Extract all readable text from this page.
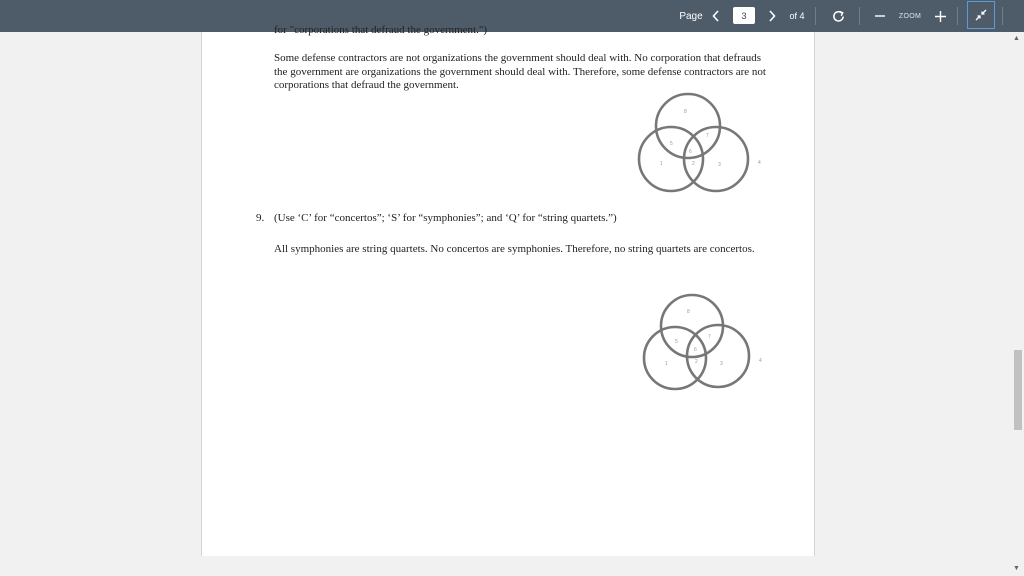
Page
3	of 4	ZOOM
for "corporations that defraud the government.")
Some defense contractors are not organizations the government should deal with. No corporation that defrauds the government are organizations the government should deal with. Therefore, some defense contractors are not corporations that defraud the government.
8
5
7
6
2
1	3	4
9. (Use ‘C’ for “concertos”; ‘S’ for “symphonies”; and ‘Q’ for “string quartets.”)
All symphonies are string quartets. No concertos are symphonies. Therefore, no string quartets are concertos.
8
5
7
6
2
1	3	4
▲
▼
